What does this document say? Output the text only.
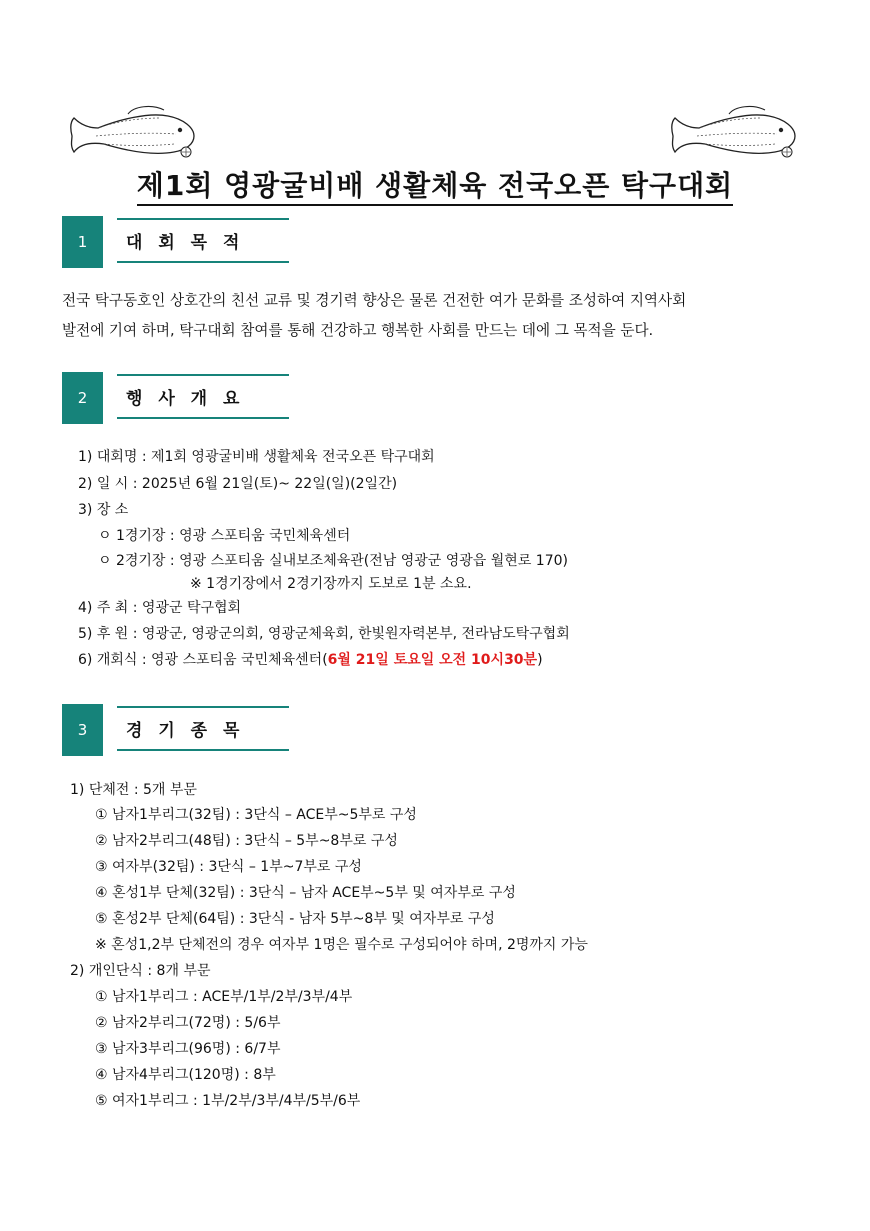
제1회 영광굴비배 생활체육 전국오픈 탁구대회
1	대 회 목 적
전국 탁구동호인 상호간의 친선 교류 및 경기력 향상은 물론 건전한 여가 문화를 조성하여 지역사회
발전에 기여 하며, 탁구대회 참여를 통해 건강하고 행복한 사회를 만드는 데에 그 목적을 둔다.
2	행 사 개 요
1) 대회명 : 제1회 영광굴비배 생활체육 전국오픈 탁구대회
2) 일 시 : 2025년 6월 21일(토)~ 22일(일)(2일간)
3) 장 소
ㅇ 1경기장 : 영광 스포티움 국민체육센터
ㅇ 2경기장 : 영광 스포티움 실내보조체육관(전남 영광군 영광읍 월현로 170)
※ 1경기장에서 2경기장까지 도보로 1분 소요.
4) 주 최 : 영광군 탁구협회
5) 후 원 : 영광군, 영광군의회, 영광군체육회, 한빛원자력본부, 전라남도탁구협회
6) 개회식 : 영광 스포티움 국민체육센터(6월 21일 토요일 오전 10시30분)
3	경 기 종 목
1) 단체전 : 5개 부문
① 남자1부리그(32팀) : 3단식 – ACE부~5부로 구성
② 남자2부리그(48팀) : 3단식 – 5부~8부로 구성
③ 여자부(32팀) : 3단식 – 1부~7부로 구성
④ 혼성1부 단체(32팀) : 3단식 – 남자 ACE부~5부 및 여자부로 구성
⑤ 혼성2부 단체(64팀) : 3단식 - 남자 5부~8부 및 여자부로 구성
※ 혼성1,2부 단체전의 경우 여자부 1명은 필수로 구성되어야 하며, 2명까지 가능
2) 개인단식 : 8개 부문
① 남자1부리그 : ACE부/1부/2부/3부/4부
② 남자2부리그(72명) : 5/6부
③ 남자3부리그(96명) : 6/7부
④ 남자4부리그(120명) : 8부
⑤ 여자1부리그 : 1부/2부/3부/4부/5부/6부
